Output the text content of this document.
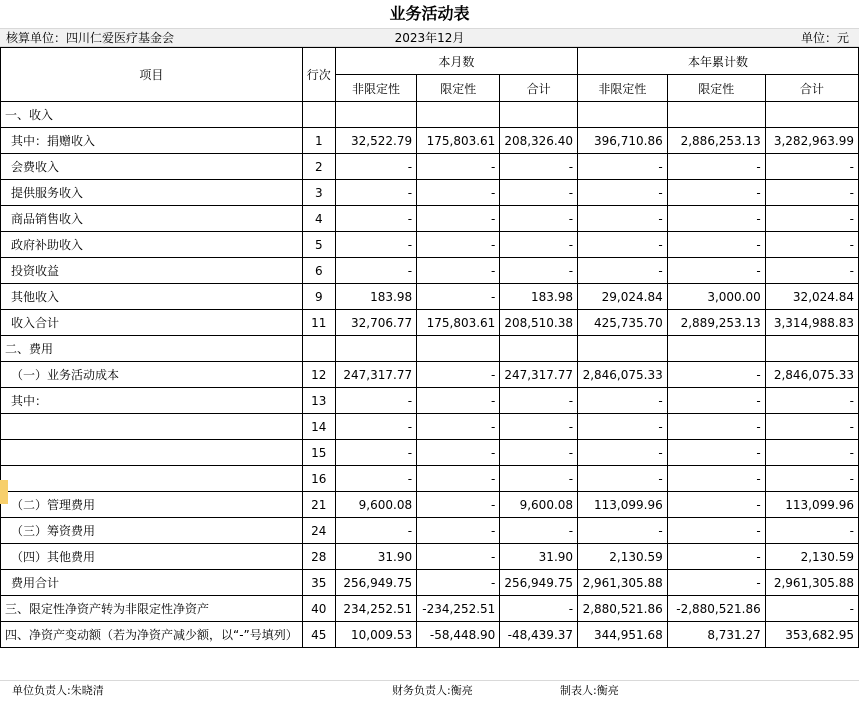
业务活动表
核算单位：四川仁爱医疗基金会	2023年12月	单位：元
项目	行次	本月数			本年累计数		
		非限定性	限定性	合计	非限定性	限定性	合计
一、收入							
其中：捐赠收入	1	32,522.79	175,803.61	208,326.40	396,710.86	2,886,253.13	3,282,963.99
会费收入	2	-	-	-	-	-	-
提供服务收入	3	-	-	-	-	-	-
商品销售收入	4	-	-	-	-	-	-
政府补助收入	5	-	-	-	-	-	-
投资收益	6	-	-	-	-	-	-
其他收入	9	183.98	-	183.98	29,024.84	3,000.00	32,024.84
收入合计	11	32,706.77	175,803.61	208,510.38	425,735.70	2,889,253.13	3,314,988.83
二、费用							
（一）业务活动成本	12	247,317.77	-	247,317.77	2,846,075.33	-	2,846,075.33
其中：	13	-	-	-	-	-	-
	14	-	-	-	-	-	-
	15	-	-	-	-	-	-
	16	-	-	-	-	-	-
（二）管理费用	21	9,600.08	-	9,600.08	113,099.96	-	113,099.96
（三）筹资费用	24	-	-	-	-	-	-
（四）其他费用	28	31.90	-	31.90	2,130.59	-	2,130.59
费用合计	35	256,949.75	-	256,949.75	2,961,305.88	-	2,961,305.88
三、限定性净资产转为非限定性净资产	40	234,252.51	-234,252.51	-	2,880,521.86	-2,880,521.86	-
四、净资产变动额（若为净资产减少额，以“-”号填列）	45	10,009.53	-58,448.90	-48,439.37	344,951.68	8,731.27	353,682.95
单位负责人:朱晓清	财务负责人:衡亮	制表人:衡亮
